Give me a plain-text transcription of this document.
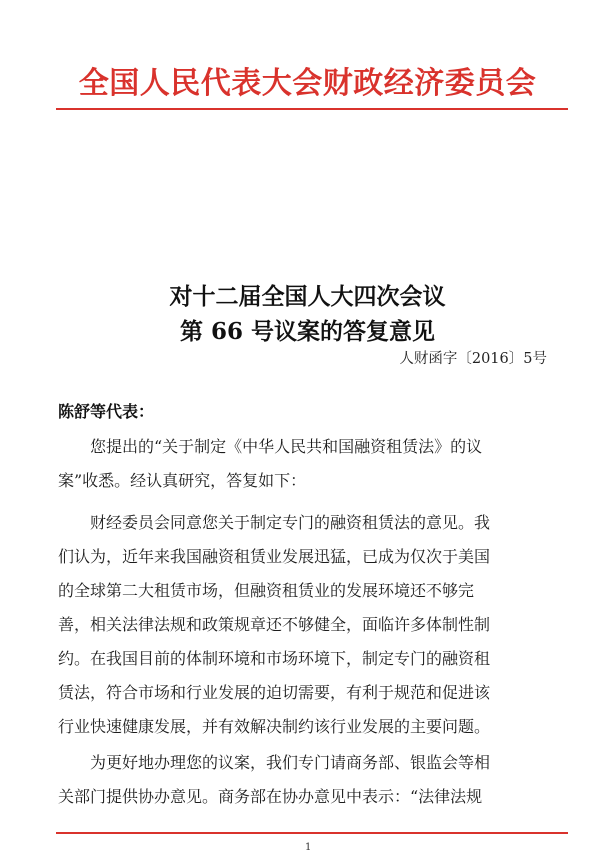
全国人民代表大会财政经济委员会
对十二届全国人大四次会议
第 66 号议案的答复意见
人财函字〔2016〕5号
陈舒等代表：
您提出的“关于制定《中华人民共和国融资租赁法》的议
案”收悉。经认真研究，答复如下：
财经委员会同意您关于制定专门的融资租赁法的意见。我
们认为，近年来我国融资租赁业发展迅猛，已成为仅次于美国
的全球第二大租赁市场，但融资租赁业的发展环境还不够完
善，相关法律法规和政策规章还不够健全，面临许多体制性制
约。在我国目前的体制环境和市场环境下，制定专门的融资租
赁法，符合市场和行业发展的迫切需要，有利于规范和促进该
行业快速健康发展，并有效解决制约该行业发展的主要问题。
为更好地办理您的议案，我们专门请商务部、银监会等相
关部门提供协办意见。商务部在协办意见中表示：“法律法规
1
